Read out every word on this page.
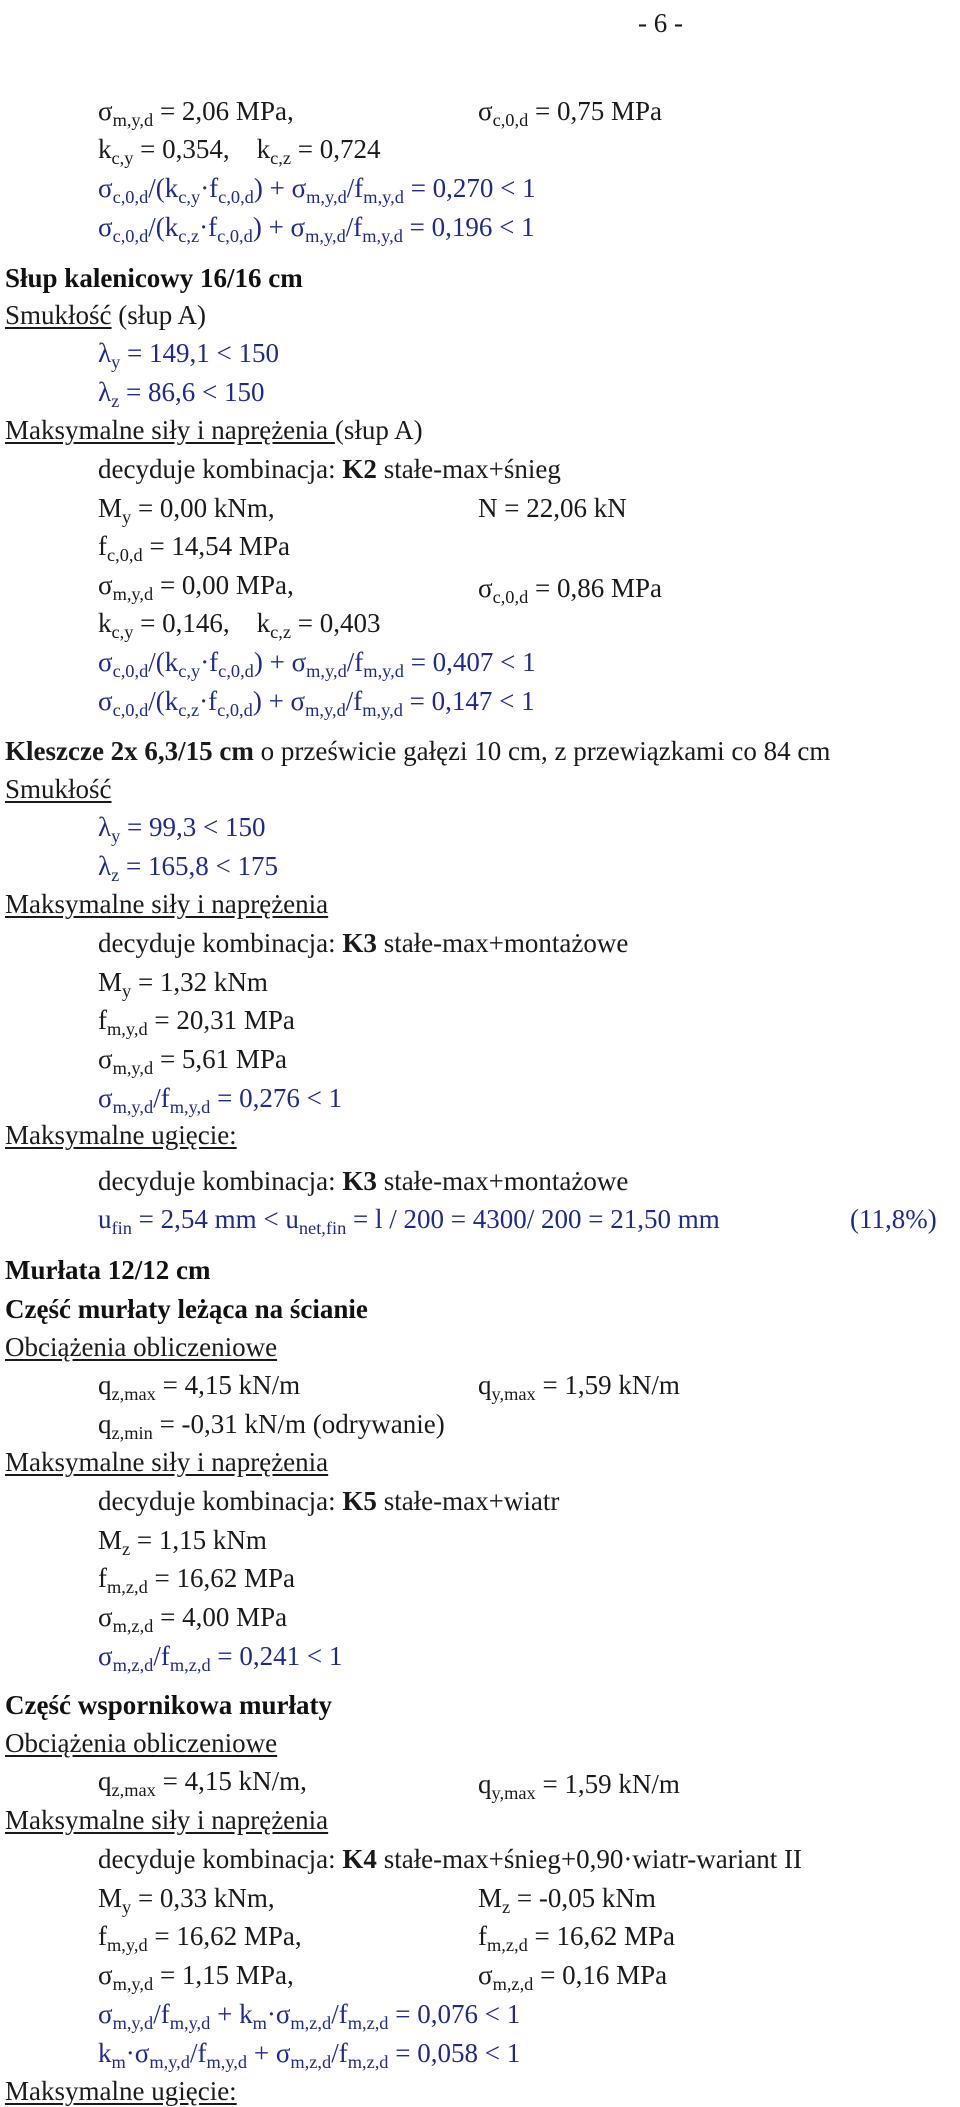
- 6 -
$\sigma_{m,y,d} = 2,06$ MPa,	$\sigma_{c,0,d} = 0,75$ MPa
$k_{c,y} = 0,354$,    $k_{c,z} = 0,724$
$\sigma_{c,0,d}/(k_{c,y}\cdot f_{c,0,d}) + \sigma_{m,y,d}/f_{m,y,d} = 0,270 < 1$
$\sigma_{c,0,d}/(k_{c,z}\cdot f_{c,0,d}) + \sigma_{m,y,d}/f_{m,y,d} = 0,196 < 1$
Słup kalenicowy 16/16 cm
Smukłość (słup A)
$\lambda_y = 149,1 < 150$
$\lambda_z = 86,6 < 150$
Maksymalne siły i naprężenia (słup A)
decyduje kombinacja: K2 stałe-max+śnieg
$M_y = 0,00$ kNm,	N = 22,06 kN
$f_{c,0,d} = 14,54$ MPa
$\sigma_{m,y,d} = 0,00$ MPa,	$\sigma_{c,0,d} = 0,86$ MPa
$k_{c,y} = 0,146$,    $k_{c,z} = 0,403$
$\sigma_{c,0,d}/(k_{c,y}\cdot f_{c,0,d}) + \sigma_{m,y,d}/f_{m,y,d} = 0,407 < 1$
$\sigma_{c,0,d}/(k_{c,z}\cdot f_{c,0,d}) + \sigma_{m,y,d}/f_{m,y,d} = 0,147 < 1$
Kleszcze 2x 6,3/15 cm o prześwicie gałęzi 10 cm, z przewiązkami co 84 cm
Smukłość
$\lambda_y = 99,3 < 150$
$\lambda_z = 165,8 < 175$
Maksymalne siły i naprężenia
decyduje kombinacja: K3 stałe-max+montażowe
$M_y = 1,32$ kNm
$f_{m,y,d} = 20,31$ MPa
$\sigma_{m,y,d} = 5,61$ MPa
$\sigma_{m,y,d}/f_{m,y,d} = 0,276 < 1$
Maksymalne ugięcie:
decyduje kombinacja: K3 stałe-max+montażowe
$u_{fin} = 2,54$ mm < $u_{net,fin} = l / 200 = 4300/$ 200 = 21,50 mm	(11,8%)
Murłata 12/12 cm
Część murłaty leżąca na ścianie
Obciążenia obliczeniowe
$q_{z,max} = 4,15$ kN/m	$q_{y,max} = 1,59$ kN/m
$q_{z,min} = -0,31$ kN/m (odrywanie)
Maksymalne siły i naprężenia
decyduje kombinacja: K5 stałe-max+wiatr
$M_z = 1,15$ kNm
$f_{m,z,d} = 16,62$ MPa
$\sigma_{m,z,d} = 4,00$ MPa
$\sigma_{m,z,d}/f_{m,z,d} = 0,241 < 1$
Część wspornikowa murłaty
Obciążenia obliczeniowe
$q_{z,max} = 4,15$ kN/m,	$q_{y,max} = 1,59$ kN/m
Maksymalne siły i naprężenia
decyduje kombinacja: K4 stałe-max+śnieg+0,90·wiatr-wariant II
$M_y = 0,33$ kNm,	$M_z = -0,05$ kNm
$f_{m,y,d} = 16,62$ MPa,	$f_{m,z,d} = 16,62$ MPa
$\sigma_{m,y,d} = 1,15$ MPa,	$\sigma_{m,z,d} = 0,16$ MPa
$\sigma_{m,y,d}/f_{m,y,d} + k_m\cdot\sigma_{m,z,d}/f_{m,z,d} = 0,076 < 1$
$k_m\cdot\sigma_{m,y,d}/f_{m,y,d} + \sigma_{m,z,d}/f_{m,z,d} = 0,058 < 1$
Maksymalne ugięcie:
